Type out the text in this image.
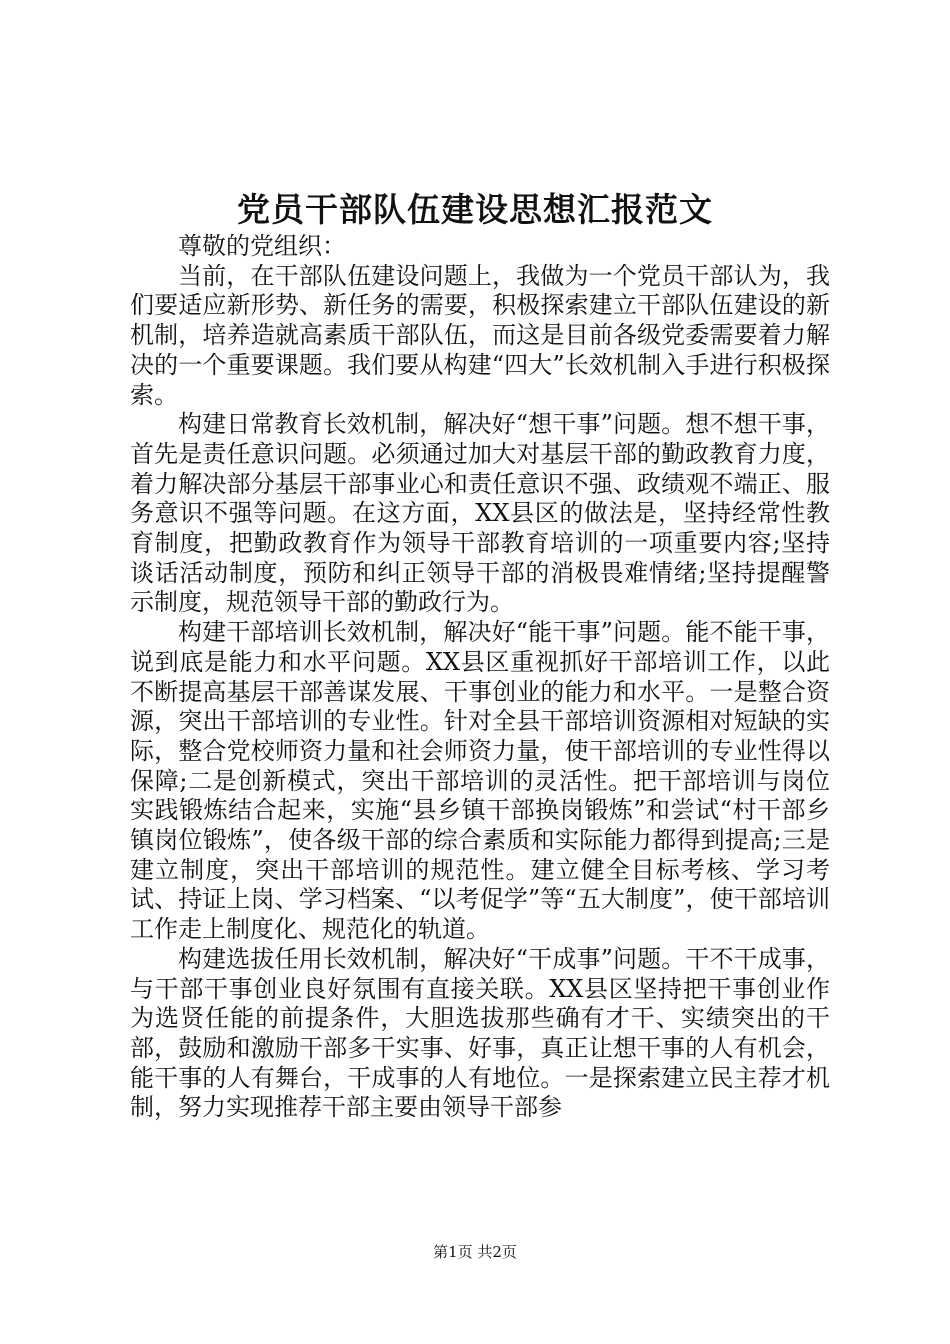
党员干部队伍建设思想汇报范文

尊敬的党组织：

当前，在干部队伍建设问题上，我做为一个党员干部认为，我们要适应新形势、新任务的需要，积极探索建立干部队伍建设的新机制，培养造就高素质干部队伍，而这是目前各级党委需要着力解决的一个重要课题。我们要从构建“四大”长效机制入手进行积极探索。

构建日常教育长效机制，解决好“想干事”问题。想不想干事，首先是责任意识问题。必须通过加大对基层干部的勤政教育力度，着力解决部分基层干部事业心和责任意识不强、政绩观不端正、服务意识不强等问题。在这方面，XX县区的做法是，坚持经常性教育制度，把勤政教育作为领导干部教育培训的一项重要内容;坚持谈话活动制度，预防和纠正领导干部的消极畏难情绪;坚持提醒警示制度，规范领导干部的勤政行为。

构建干部培训长效机制，解决好“能干事”问题。能不能干事，说到底是能力和水平问题。XX县区重视抓好干部培训工作，以此不断提高基层干部善谋发展、干事创业的能力和水平。一是整合资源，突出干部培训的专业性。针对全县干部培训资源相对短缺的实际，整合党校师资力量和社会师资力量，使干部培训的专业性得以保障;二是创新模式，突出干部培训的灵活性。把干部培训与岗位实践锻炼结合起来，实施“县乡镇干部换岗锻炼”和尝试“村干部乡镇岗位锻炼”，使各级干部的综合素质和实际能力都得到提高;三是建立制度，突出干部培训的规范性。建立健全目标考核、学习考试、持证上岗、学习档案、“以考促学”等“五大制度”，使干部培训工作走上制度化、规范化的轨道。

构建选拔任用长效机制，解决好“干成事”问题。干不干成事，与干部干事创业良好氛围有直接关联。XX县区坚持把干事创业作为选贤任能的前提条件，大胆选拔那些确有才干、实绩突出的干部，鼓励和激励干部多干实事、好事，真正让想干事的人有机会，能干事的人有舞台，干成事的人有地位。一是探索建立民主荐才机制，努力实现推荐干部主要由领导干部参

第1页 共2页
